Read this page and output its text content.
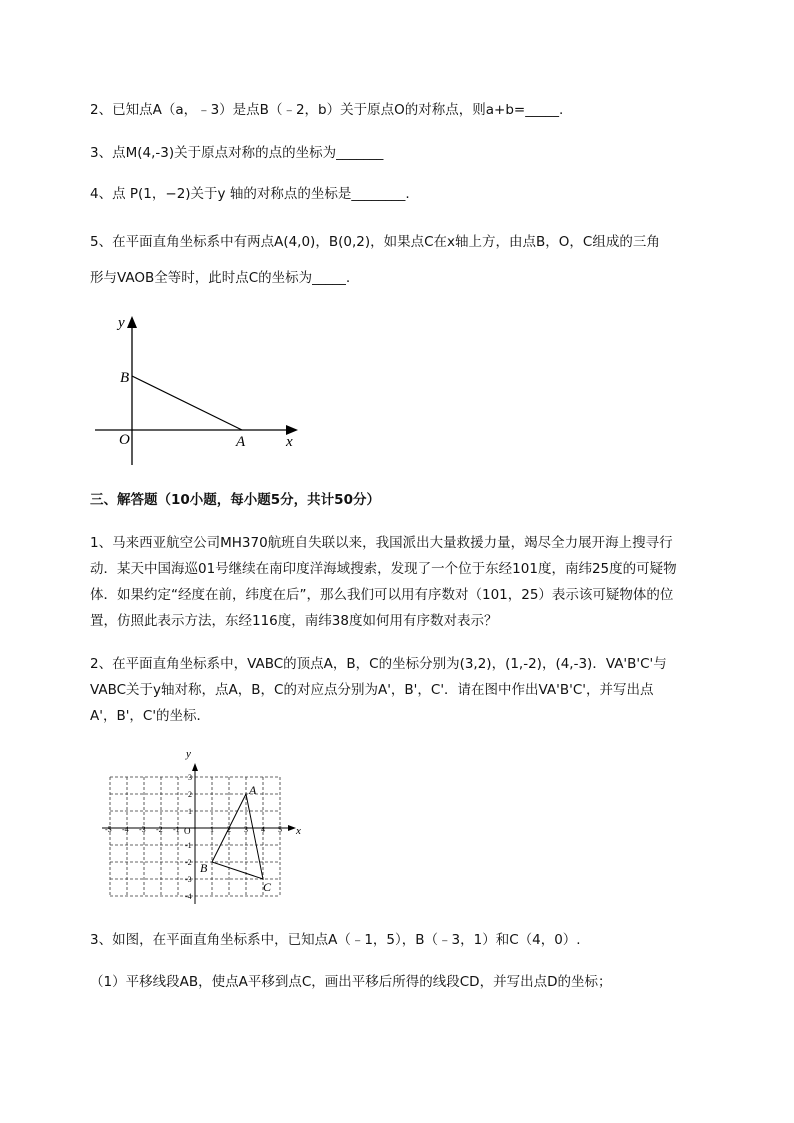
2、已知点A（a，﹣3）是点B（﹣2，b）关于原点O的对称点，则a+b=_____.
3、点M(4,-3)关于原点对称的点的坐标为_______
4、点 P(1，−2)关于y 轴的对称点的坐标是________.
5、在平面直角坐标系中有两点A(4,0)，B(0,2)，如果点C在x轴上方，由点B，O，C组成的三角
形与VAOB全等时，此时点C的坐标为_____.
y
x
B
O	A
三、解答题（10小题，每小题5分，共计50分）
1、马来西亚航空公司MH370航班自失联以来，我国派出大量救援力量，竭尽全力展开海上搜寻行
动．某天中国海巡01号继续在南印度洋海域搜索，发现了一个位于东经101度，南纬25度的可疑物
体．如果约定“经度在前，纬度在后”，那么我们可以用有序数对（101，25）表示该可疑物体的位
置，仿照此表示方法，东经116度，南纬38度如何用有序数对表示？
2、在平面直角坐标系中，VABC的顶点A，B，C的坐标分别为(3,2)，(1,-2)，(4,-3)．VA'B'C'与
VABC关于y轴对称，点A，B，C的对应点分别为A'，B'，C'．请在图中作出VA'B'C'，并写出点
A'，B'，C'的坐标．
-5 -4 -3 -2 -1	1 2 3 4 5
3
2
1
-1
-2
-3
-4
A
B
C
y
x
O
3、如图，在平面直角坐标系中，已知点A（﹣1，5），B（﹣3，1）和C（4，0）.
（1）平移线段AB，使点A平移到点C，画出平移后所得的线段CD，并写出点D的坐标；
